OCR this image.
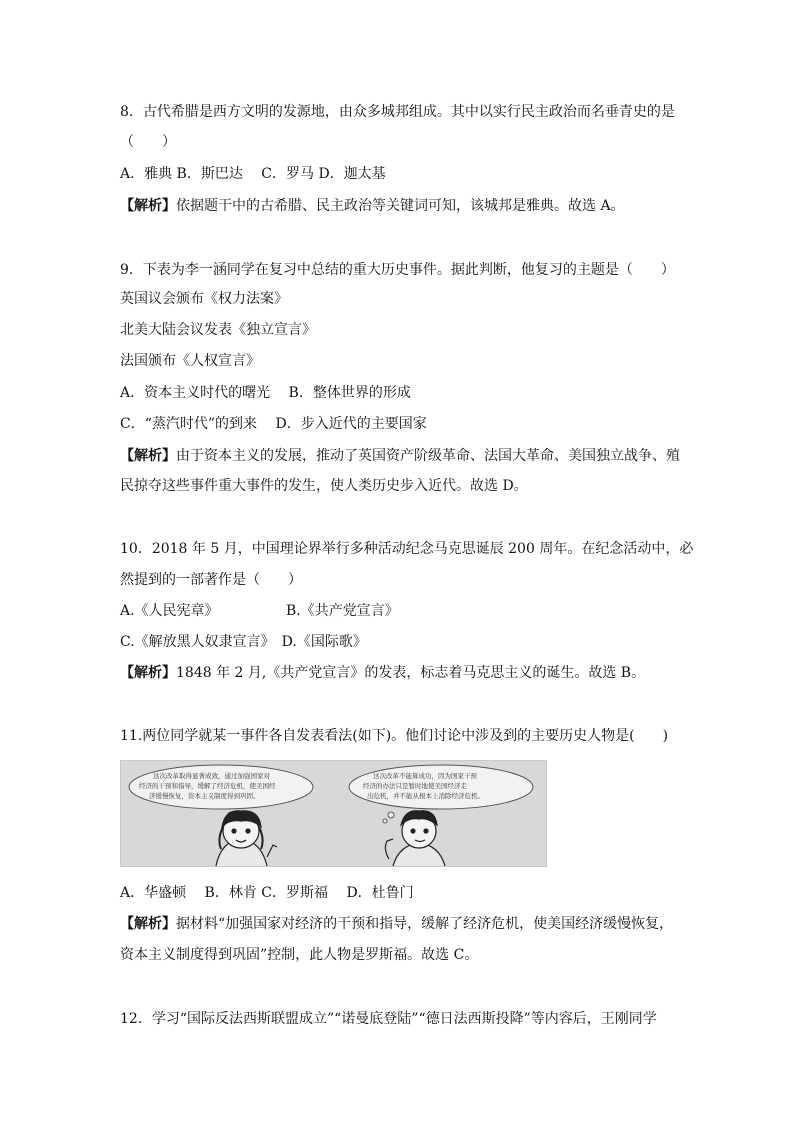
8．古代希腊是西方文明的发源地，由众多城邦组成。其中以实行民主政治而名垂青史的是
（　　）
A．雅典 B．斯巴达　 C．罗马 D．迦太基
【解析】依据题干中的古希腊、民主政治等关键词可知，该城邦是雅典。故选 A。
9．下表为李一涵同学在复习中总结的重大历史事件。据此判断，他复习的主题是（　　）
英国议会颁布《权力法案》
北美大陆会议发表《独立宣言》
法国颁布《人权宣言》
A．资本主义时代的曙光　 B．整体世界的形成
C．“蒸汽时代”的到来　 D．步入近代的主要国家
【解析】由于资本主义的发展，推动了英国资产阶级革命、法国大革命、美国独立战争、殖
民掠夺这些事件重大事件的发生，使人类历史步入近代。故选 D。
10．2018 年 5 月，中国理论界举行多种活动纪念马克思诞辰 200 周年。在纪念活动中，必
然提到的一部著作是（　　）
A.《人民宪章》　　　　　 B.《共产党宣言》
C.《解放黑人奴隶宣言》　D.《国际歌》
【解析】1848 年 2 月,《共产党宣言》的发表，标志着马克思主义的诞生。故选 B。
11.两位同学就某一事件各自发表看法(如下)。他们讨论中涉及到的主要历史人物是(　　)
这次改革取得显著成效，通过加强国家对
经济的干预和指导，缓解了经济危机，使美国经
济缓慢恢复，资本主义制度得到巩固。
这次改革不能算成功，因为国家干预
经济的办法只是暂时地使美国经济走
出危机，并不能从根本上消除经济危机。
A．华盛顿　 B．林肯 C．罗斯福　 D．杜鲁门
【解析】据材料“加强国家对经济的干预和指导，缓解了经济危机，使美国经济缓慢恢复，
资本主义制度得到巩固”控制，此人物是罗斯福。故选 C。
12．学习“国际反法西斯联盟成立”“诺曼底登陆”“德日法西斯投降”等内容后，王刚同学
